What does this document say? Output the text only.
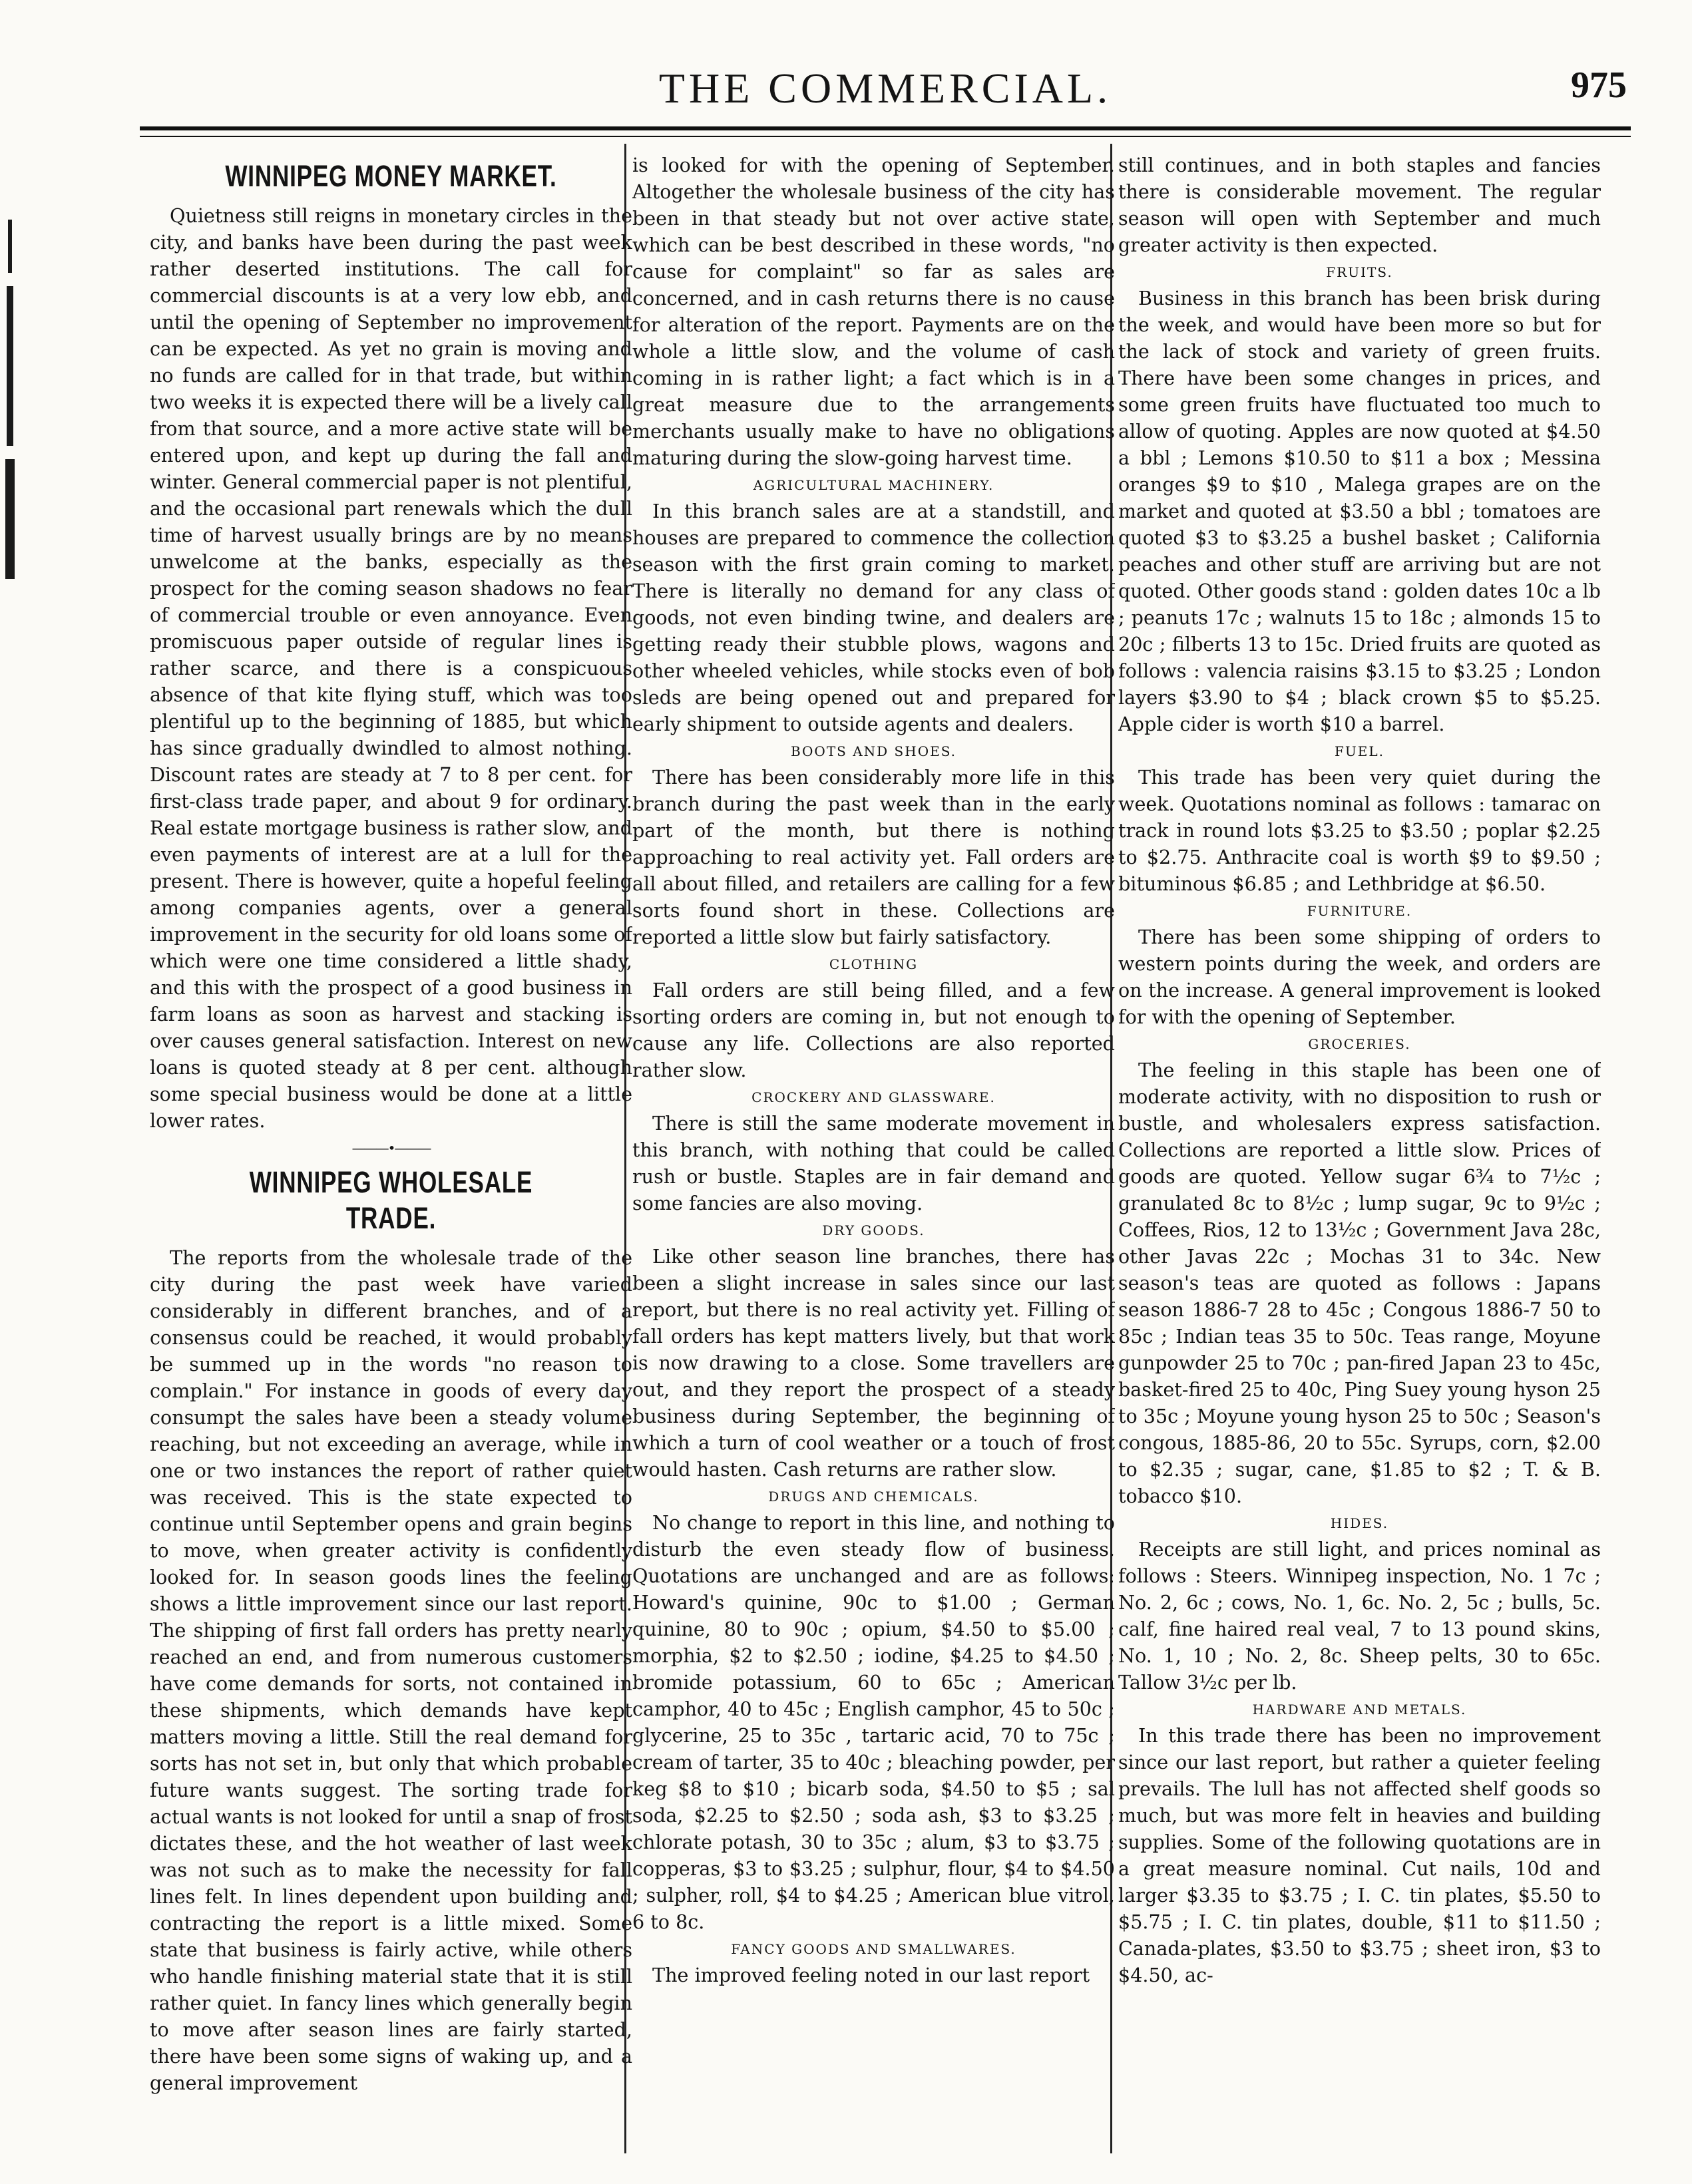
THE COMMERCIAL.	975
WINNIPEG MONEY MARKET.

Quietness still reigns in monetary circles in the city, and banks have been during the past week rather deserted institutions. The call for commercial discounts is at a very low ebb, and until the opening of September no improvement can be expected. As yet no grain is moving and no funds are called for in that trade, but within two weeks it is expected there will be a lively call from that source, and a more active state will be entered upon, and kept up during the fall and winter. General commercial paper is not plentiful, and the occasional part renewals which the dull time of harvest usually brings are by no means unwelcome at the banks, especially as the prospect for the coming season shadows no fear of commercial trouble or even annoyance. Even promiscuous paper outside of regular lines is rather scarce, and there is a conspicuous absence of that kite flying stuff, which was too plentiful up to the beginning of 1885, but which has since gradually dwindled to almost nothing. Discount rates are steady at 7 to 8 per cent. for first-class trade paper, and about 9 for ordinary. Real estate mortgage business is rather slow, and even payments of interest are at a lull for the present. There is however, quite a hopeful feeling among companies agents, over a general improvement in the security for old loans some of which were one time considered a little shady, and this with the prospect of a good business in farm loans as soon as harvest and stacking is over causes general satisfaction. Interest on new loans is quoted steady at 8 per cent. although some special business would be done at a little lower rates.

———•———
WINNIPEG WHOLESALE TRADE.

The reports from the wholesale trade of the city during the past week have varied considerably in different branches, and of a consensus could be reached, it would probably be summed up in the words "no reason to complain." For instance in goods of every day consumpt the sales have been a steady volume reaching, but not exceeding an average, while in one or two instances the report of rather quiet was received. This is the state expected to continue until September opens and grain begins to move, when greater activity is confidently looked for. In season goods lines the feeling shows a little improvement since our last report. The shipping of first fall orders has pretty nearly reached an end, and from numerous customers have come demands for sorts, not contained in these shipments, which demands have kept matters moving a little. Still the real demand for sorts has not set in, but only that which probable future wants suggest. The sorting trade for actual wants is not looked for until a snap of frost dictates these, and the hot weather of last week was not such as to make the necessity for fall lines felt. In lines dependent upon building and contracting the report is a little mixed. Some state that business is fairly active, while others who handle finishing material state that it is still rather quiet. In fancy lines which generally begin to move after season lines are fairly started, there have been some signs of waking up, and a general improvement

is looked for with the opening of September. Altogether the wholesale business of the city has been in that steady but not over active state, which can be best described in these words, "no cause for complaint" so far as sales are concerned, and in cash returns there is no cause for alteration of the report. Payments are on the whole a little slow, and the volume of cash coming in is rather light; a fact which is in a great measure due to the arrangements merchants usually make to have no obligations maturing during the slow-going harvest time.

AGRICULTURAL MACHINERY.

In this branch sales are at a standstill, and houses are prepared to commence the collection season with the first grain coming to market. There is literally no demand for any class of goods, not even binding twine, and dealers are getting ready their stubble plows, wagons and other wheeled vehicles, while stocks even of bob sleds are being opened out and prepared for early shipment to outside agents and dealers.

BOOTS AND SHOES.

There has been considerably more life in this branch during the past week than in the early part of the month, but there is nothing approaching to real activity yet. Fall orders are all about filled, and retailers are calling for a few sorts found short in these. Collections are reported a little slow but fairly satisfactory.

CLOTHING

Fall orders are still being filled, and a few sorting orders are coming in, but not enough to cause any life. Collections are also reported rather slow.

CROCKERY AND GLASSWARE.

There is still the same moderate movement in this branch, with nothing that could be called rush or bustle. Staples are in fair demand and some fancies are also moving.

DRY GOODS.

Like other season line branches, there has been a slight increase in sales since our last report, but there is no real activity yet. Filling of fall orders has kept matters lively, but that work is now drawing to a close. Some travellers are out, and they report the prospect of a steady business during September, the beginning of which a turn of cool weather or a touch of frost would hasten. Cash returns are rather slow.

DRUGS AND CHEMICALS.

No change to report in this line, and nothing to disturb the even steady flow of business. Quotations are unchanged and are as follows: Howard's quinine, 90c to $1.00 ; German quinine, 80 to 90c ; opium, $4.50 to $5.00 ; morphia, $2 to $2.50 ; iodine, $4.25 to $4.50 ; bromide potassium, 60 to 65c ; American camphor, 40 to 45c ; English camphor, 45 to 50c ; glycerine, 25 to 35c , tartaric acid, 70 to 75c ; cream of tarter, 35 to 40c ; bleaching powder, per keg $8 to $10 ; bicarb soda, $4.50 to $5 ; sal soda, $2.25 to $2.50 ; soda ash, $3 to $3.25 ; chlorate potash, 30 to 35c ; alum, $3 to $3.75 ; copperas, $3 to $3.25 ; sulphur, flour, $4 to $4.50 ; sulpher, roll, $4 to $4.25 ; American blue vitrol, 6 to 8c.

FANCY GOODS AND SMALLWARES.

The improved feeling noted in our last report

still continues, and in both staples and fancies there is considerable movement. The regular season will open with September and much greater activity is then expected.

FRUITS.

Business in this branch has been brisk during the week, and would have been more so but for the lack of stock and variety of green fruits. There have been some changes in prices, and some green fruits have fluctuated too much to allow of quoting. Apples are now quoted at $4.50 a bbl ; Lemons $10.50 to $11 a box ; Messina oranges $9 to $10 , Malega grapes are on the market and quoted at $3.50 a bbl ; tomatoes are quoted $3 to $3.25 a bushel basket ; California peaches and other stuff are arriving but are not quoted. Other goods stand : golden dates 10c a lb ; peanuts 17c ; walnuts 15 to 18c ; almonds 15 to 20c ; filberts 13 to 15c. Dried fruits are quoted as follows : valencia raisins $3.15 to $3.25 ; London layers $3.90 to $4 ; black crown $5 to $5.25. Apple cider is worth $10 a barrel.

FUEL.

This trade has been very quiet during the week. Quotations nominal as follows : tamarac on track in round lots $3.25 to $3.50 ; poplar $2.25 to $2.75. Anthracite coal is worth $9 to $9.50 ; bituminous $6.85 ; and Lethbridge at $6.50.

FURNITURE.

There has been some shipping of orders to western points during the week, and orders are on the increase. A general improvement is looked for with the opening of September.

GROCERIES.

The feeling in this staple has been one of moderate activity, with no disposition to rush or bustle, and wholesalers express satisfaction. Collections are reported a little slow. Prices of goods are quoted. Yellow sugar 6¾ to 7½c ; granulated 8c to 8½c ; lump sugar, 9c to 9½c ; Coffees, Rios, 12 to 13½c ; Government Java 28c, other Javas 22c ; Mochas 31 to 34c. New season's teas are quoted as follows : Japans season 1886-7 28 to 45c ; Congous 1886-7 50 to 85c ; Indian teas 35 to 50c. Teas range, Moyune gunpowder 25 to 70c ; pan-fired Japan 23 to 45c, basket-fired 25 to 40c, Ping Suey young hyson 25 to 35c ; Moyune young hyson 25 to 50c ; Season's congous, 1885-86, 20 to 55c. Syrups, corn, $2.00 to $2.35 ; sugar, cane, $1.85 to $2 ; T. & B. tobacco $10.

HIDES.

Receipts are still light, and prices nominal as follows : Steers. Winnipeg inspection, No. 1 7c ; No. 2, 6c ; cows, No. 1, 6c. No. 2, 5c ; bulls, 5c. calf, fine haired real veal, 7 to 13 pound skins, No. 1, 10 ; No. 2, 8c. Sheep pelts, 30 to 65c. Tallow 3½c per lb.

HARDWARE AND METALS.

In this trade there has been no improvement since our last report, but rather a quieter feeling prevails. The lull has not affected shelf goods so much, but was more felt in heavies and building supplies. Some of the following quotations are in a great measure nominal. Cut nails, 10d and larger $3.35 to $3.75 ; I. C. tin plates, $5.50 to $5.75 ; I. C. tin plates, double, $11 to $11.50 ; Canada-plates, $3.50 to $3.75 ; sheet iron, $3 to $4.50, ac-
